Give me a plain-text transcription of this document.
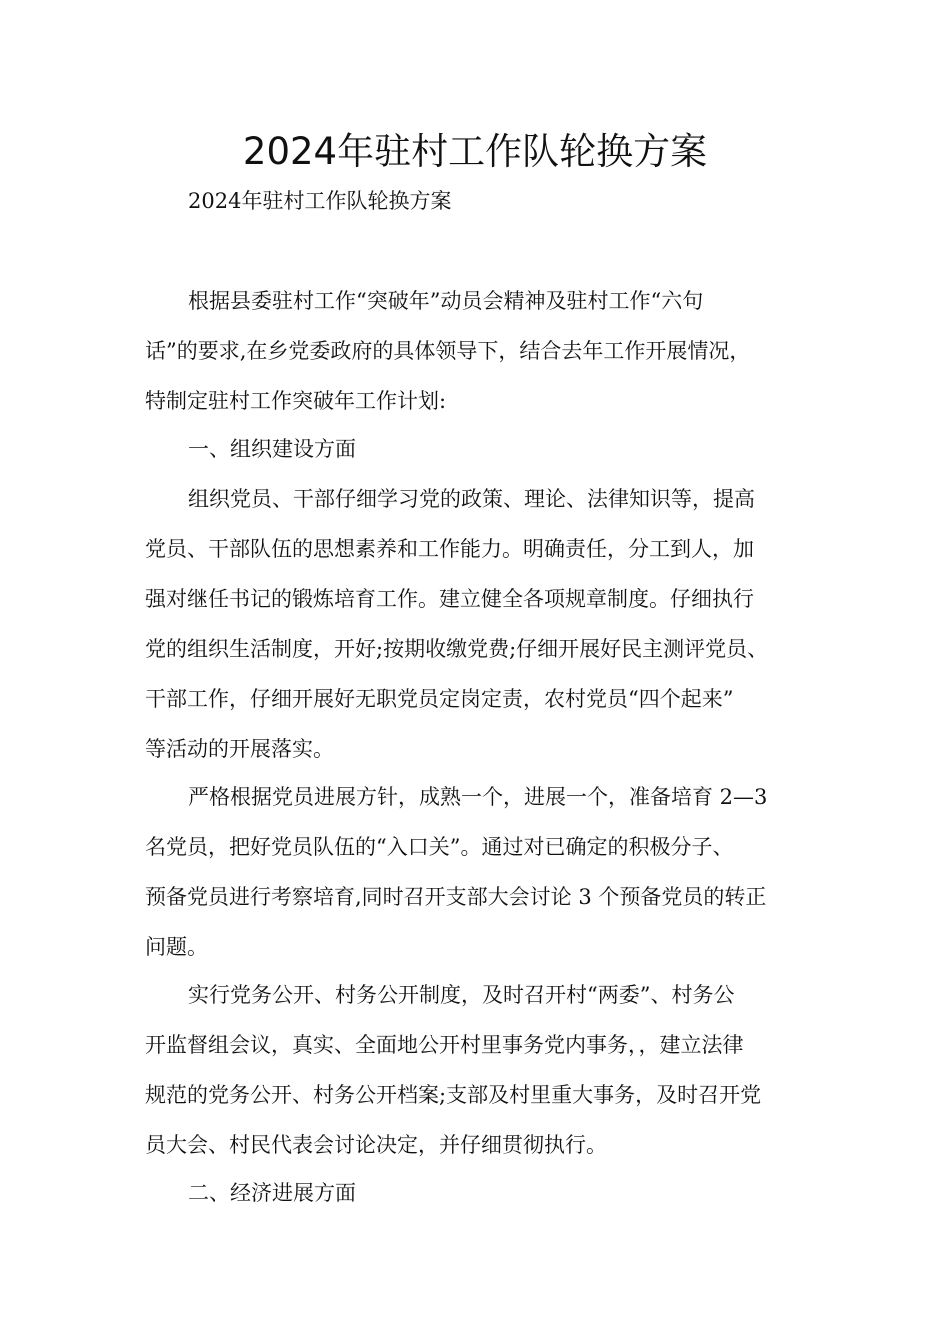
2024年驻村工作队轮换方案

2024年驻村工作队轮换方案

根据县委驻村工作“突破年”动员会精神及驻村工作“六句
话”的要求,在乡党委政府的具体领导下，结合去年工作开展情况，
特制定驻村工作突破年工作计划:
一、组织建设方面
组织党员、干部仔细学习党的政策、理论、法律知识等，提高
党员、干部队伍的思想素养和工作能力。明确责任，分工到人，加
强对继任书记的锻炼培育工作。建立健全各项规章制度。仔细执行
党的组织生活制度，开好;按期收缴党费;仔细开展好民主测评党员、
干部工作，仔细开展好无职党员定岗定责，农村党员“四个起来”
等活动的开展落实。
严格根据党员进展方针，成熟一个，进展一个，准备培育 2—3
名党员，把好党员队伍的“入口关”。通过对已确定的积极分子、
预备党员进行考察培育,同时召开支部大会讨论 3 个预备党员的转正
问题。
实行党务公开、村务公开制度，及时召开村“两委”、村务公
开监督组会议，真实、全面地公开村里事务党内事务，，建立法律
规范的党务公开、村务公开档案;支部及村里重大事务，及时召开党
员大会、村民代表会讨论决定，并仔细贯彻执行。
二、经济进展方面
